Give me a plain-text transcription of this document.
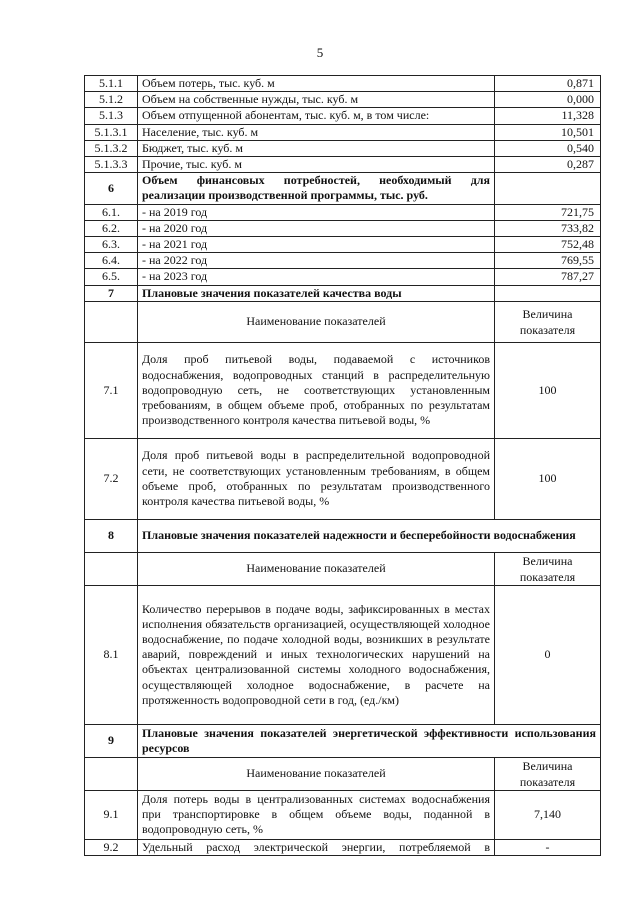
5
5.1.1	Объем потерь, тыс. куб. м	0,871
5.1.2	Объем на собственные нужды, тыс. куб. м	0,000
5.1.3	Объем отпущенной абонентам, тыс. куб. м, в том числе:	11,328
5.1.3.1	Население, тыс. куб. м	10,501
5.1.3.2	Бюджет, тыс. куб. м	0,540
5.1.3.3	Прочие, тыс. куб. м	0,287
6	Объем финансовых потребностей, необходимый для реализации производственной программы, тыс. руб.	
6.1.	- на 2019 год	721,75
6.2.	- на 2020 год	733,82
6.3.	- на 2021 год	752,48
6.4.	- на 2022 год	769,55
6.5.	- на 2023 год	787,27
7	Плановые значения показателей качества воды	
	Наименование показателей	Величина показателя
7.1	Доля проб питьевой воды, подаваемой с источников водоснабжения, водопроводных станций в распределительную водопроводную сеть, не соответствующих установленным требованиям, в общем объеме проб, отобранных по результатам производственного контроля качества питьевой воды, %	100
7.2	Доля проб питьевой воды в распределительной водопроводной сети, не соответствующих установленным требованиям, в общем объеме проб, отобранных по результатам производственного контроля качества питьевой воды, %	100
8	Плановые значения показателей надежности и бесперебойности водоснабжения	
	Наименование показателей	Величина показателя
8.1	Количество перерывов в подаче воды, зафиксированных в местах исполнения обязательств организацией, осуществляющей холодное водоснабжение, по подаче холодной воды, возникших в результате аварий, повреждений и иных технологических нарушений на объектах централизованной системы холодного водоснабжения, осуществляющей холодное водоснабжение, в расчете на протяженность водопроводной сети в год, (ед./км)	0
9	Плановые значения показателей энергетической эффективности использования ресурсов	
	Наименование показателей	Величина показателя
9.1	Доля потерь воды в централизованных системах водоснабжения при транспортировке в общем объеме воды, поданной в водопроводную сеть, %	7,140
9.2	Удельный расход электрической энергии, потребляемой в	-
